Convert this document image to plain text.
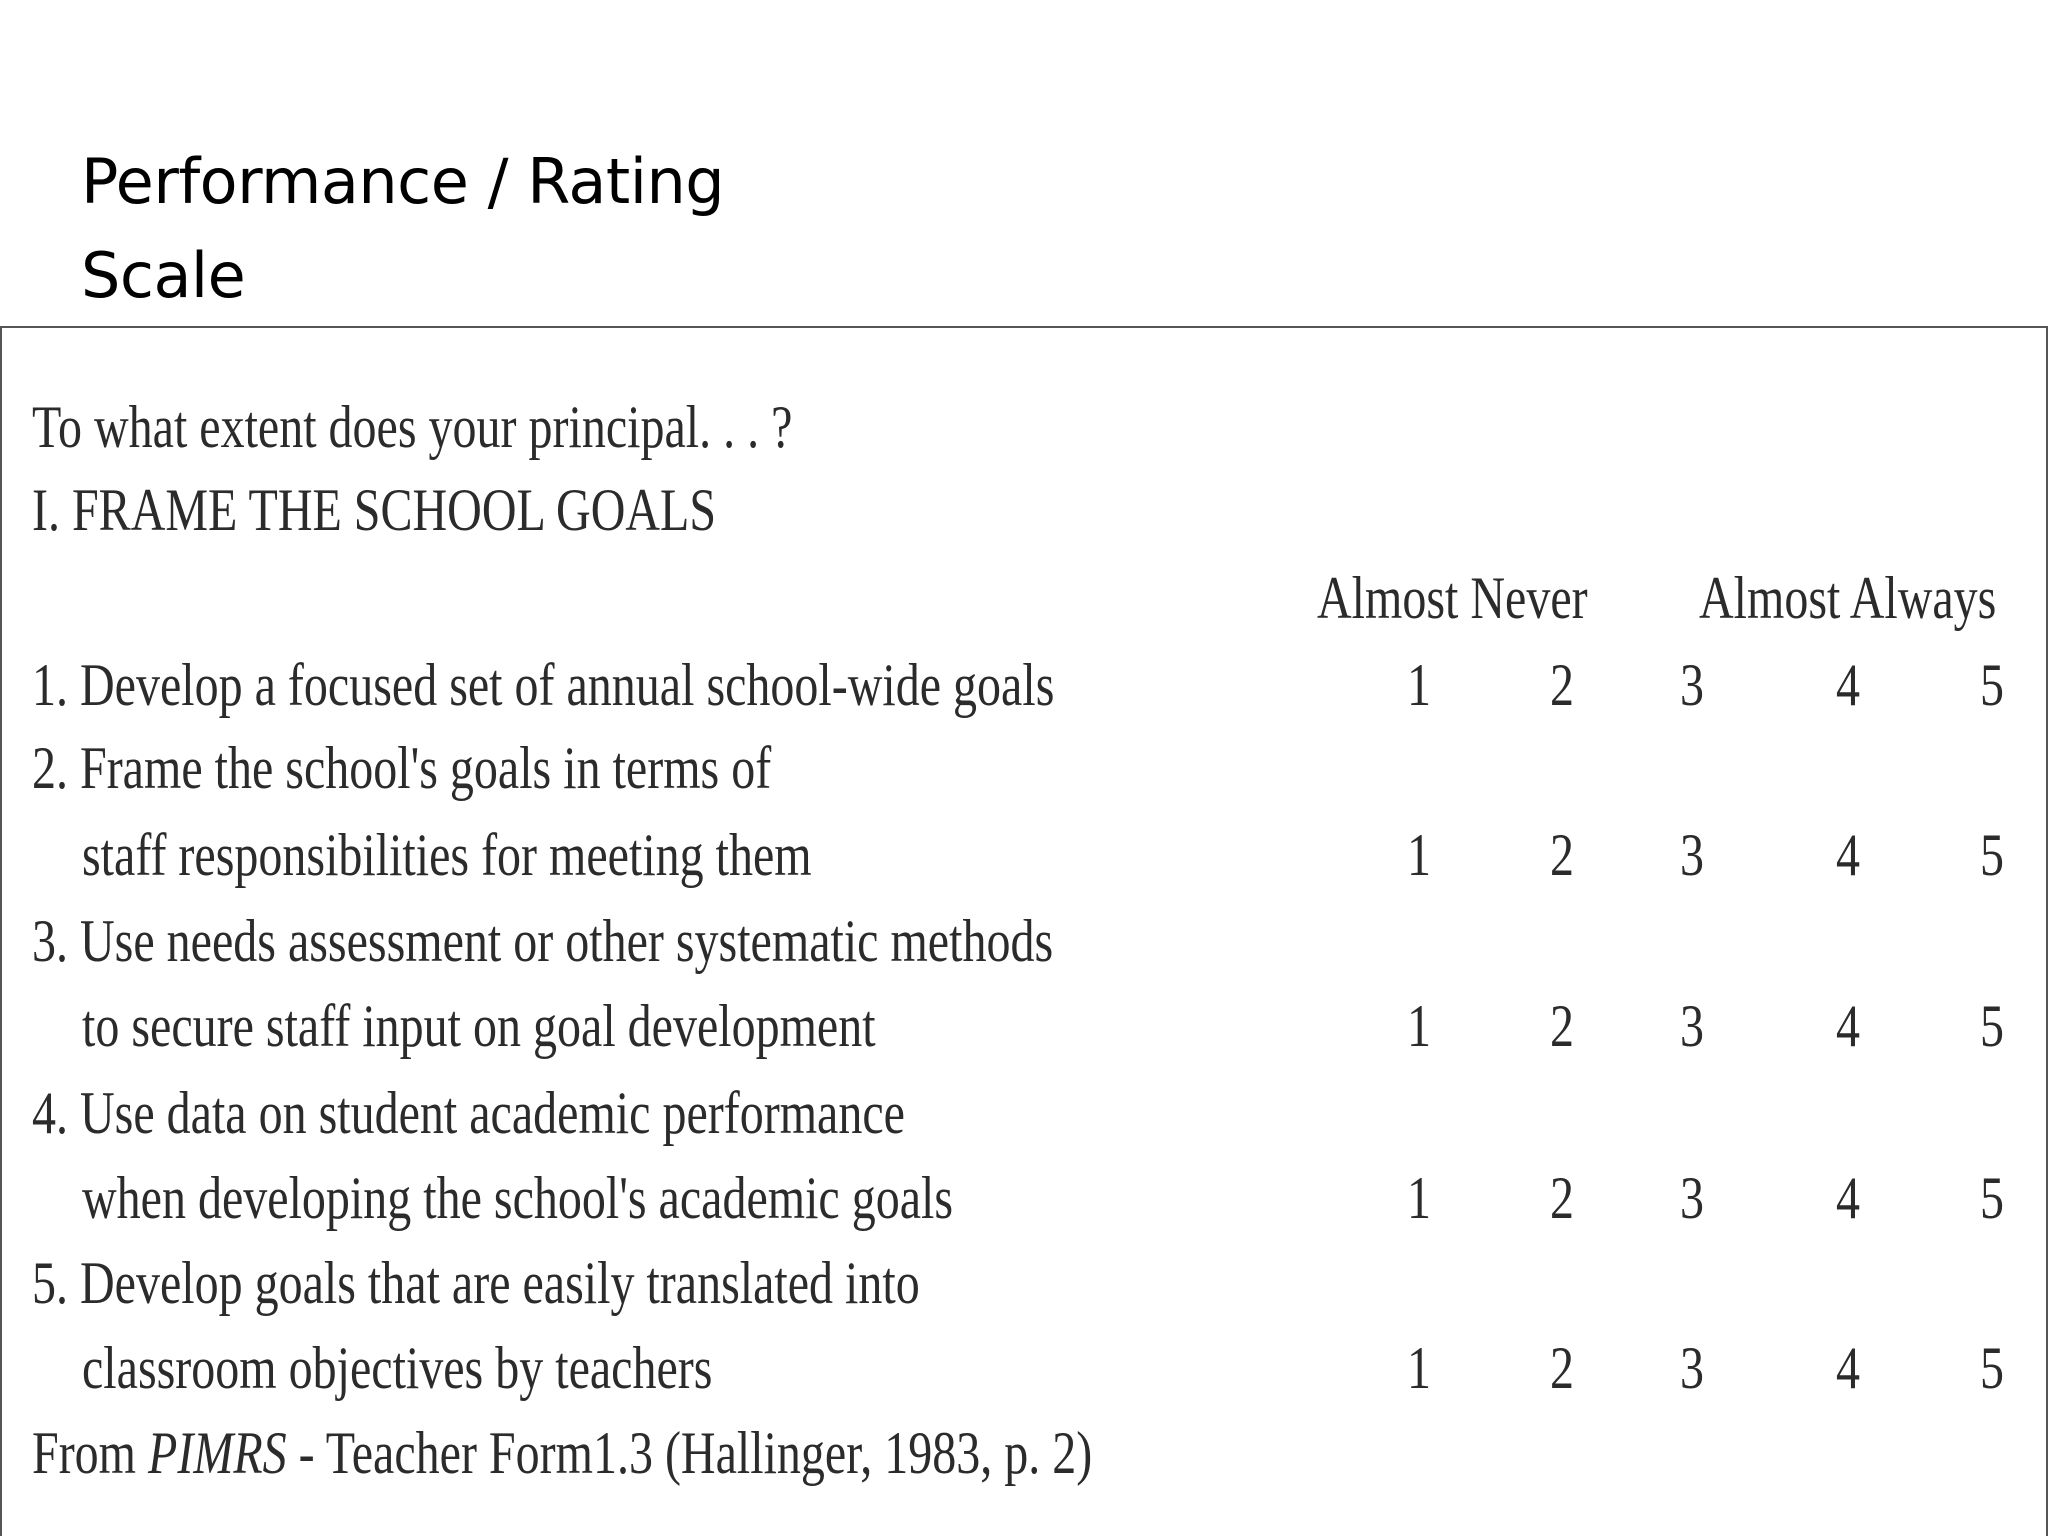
Performance / Rating
Scale
To what extent does your principal. . . ?
I. FRAME THE SCHOOL GOALS
Almost Never Almost Always
1. Develop a focused set of annual school-wide goals	1 2 3 4 5
2. Frame the school's goals in terms of
staff responsibilities for meeting them	1 2 3 4 5
3. Use needs assessment or other systematic methods
to secure staff input on goal development	1 2 3 4 5
4. Use data on student academic performance
when developing the school's academic goals	1 2 3 4 5
5. Develop goals that are easily translated into
classroom objectives by teachers	1 2 3 4 5
From PIMRS - Teacher Form1.3 (Hallinger, 1983, p. 2)
